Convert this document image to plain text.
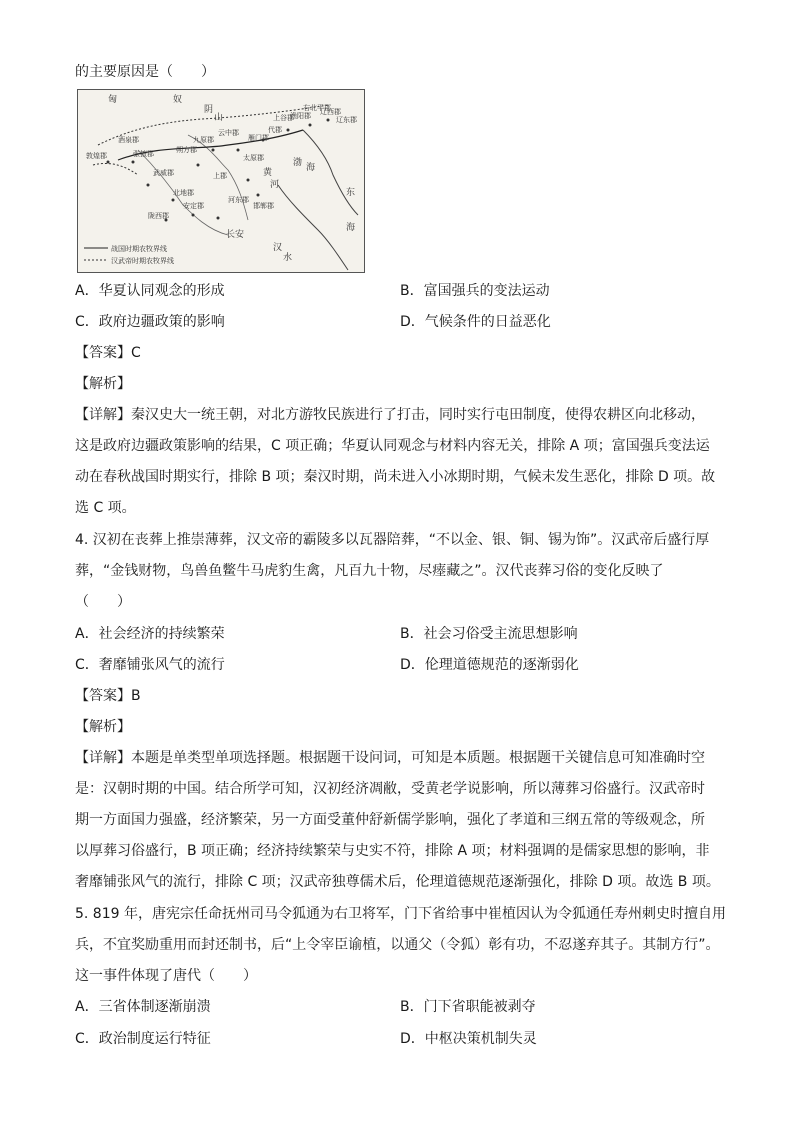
的主要原因是（　　）
匈	奴
阴
山
渤 海
东
海
长安
汉
水
黄
河
陇西郡
北地郡
上郡
云中郡
九原郡
朔方郡
雁门郡
代郡
上谷郡
渔阳郡
右北平郡
辽西郡
辽东郡
太原郡
河东郡
邯郸郡
酒泉郡
敦煌郡
武威郡
张掖郡
安定郡
战国时期农牧界线
汉武帝时期农牧界线
A．华夏认同观念的形成	B．富国强兵的变法运动
C．政府边疆政策的影响	D．气候条件的日益恶化
【答案】C
【解析】
【详解】秦汉史大一统王朝，对北方游牧民族进行了打击，同时实行屯田制度，使得农耕区向北移动，
这是政府边疆政策影响的结果，C 项正确；华夏认同观念与材料内容无关，排除 A 项；富国强兵变法运
动在春秋战国时期实行，排除 B 项；秦汉时期，尚未进入小冰期时期，气候未发生恶化，排除 D 项。故
选 C 项。
4. 汉初在丧葬上推崇薄葬，汉文帝的霸陵多以瓦器陪葬，“不以金、银、铜、锡为饰”。汉武帝后盛行厚
葬，“金钱财物，鸟兽鱼鳖牛马虎豹生禽，凡百九十物，尽瘗藏之”。汉代丧葬习俗的变化反映了
（　　）
A．社会经济的持续繁荣	B．社会习俗受主流思想影响
C．奢靡铺张风气的流行	D．伦理道德规范的逐渐弱化
【答案】B
【解析】
【详解】本题是单类型单项选择题。根据题干设问词，可知是本质题。根据题干关键信息可知准确时空
是：汉朝时期的中国。结合所学可知，汉初经济凋敝，受黄老学说影响，所以薄葬习俗盛行。汉武帝时
期一方面国力强盛，经济繁荣，另一方面受董仲舒新儒学影响，强化了孝道和三纲五常的等级观念，所
以厚葬习俗盛行，B 项正确；经济持续繁荣与史实不符，排除 A 项；材料强调的是儒家思想的影响，非
奢靡铺张风气的流行，排除 C 项；汉武帝独尊儒术后，伦理道德规范逐渐强化，排除 D 项。故选 B 项。
5. 819 年，唐宪宗任命抚州司马令狐通为右卫将军，门下省给事中崔植因认为令狐通任寿州刺史时擅自用
兵，不宜奖励重用而封还制书，后“上令宰臣谕植，以通父（令狐）彰有功，不忍遂弃其子。其制方行”。
这一事件体现了唐代（　　）
A．三省体制逐渐崩溃	B．门下省职能被剥夺
C．政治制度运行特征	D．中枢决策机制失灵
